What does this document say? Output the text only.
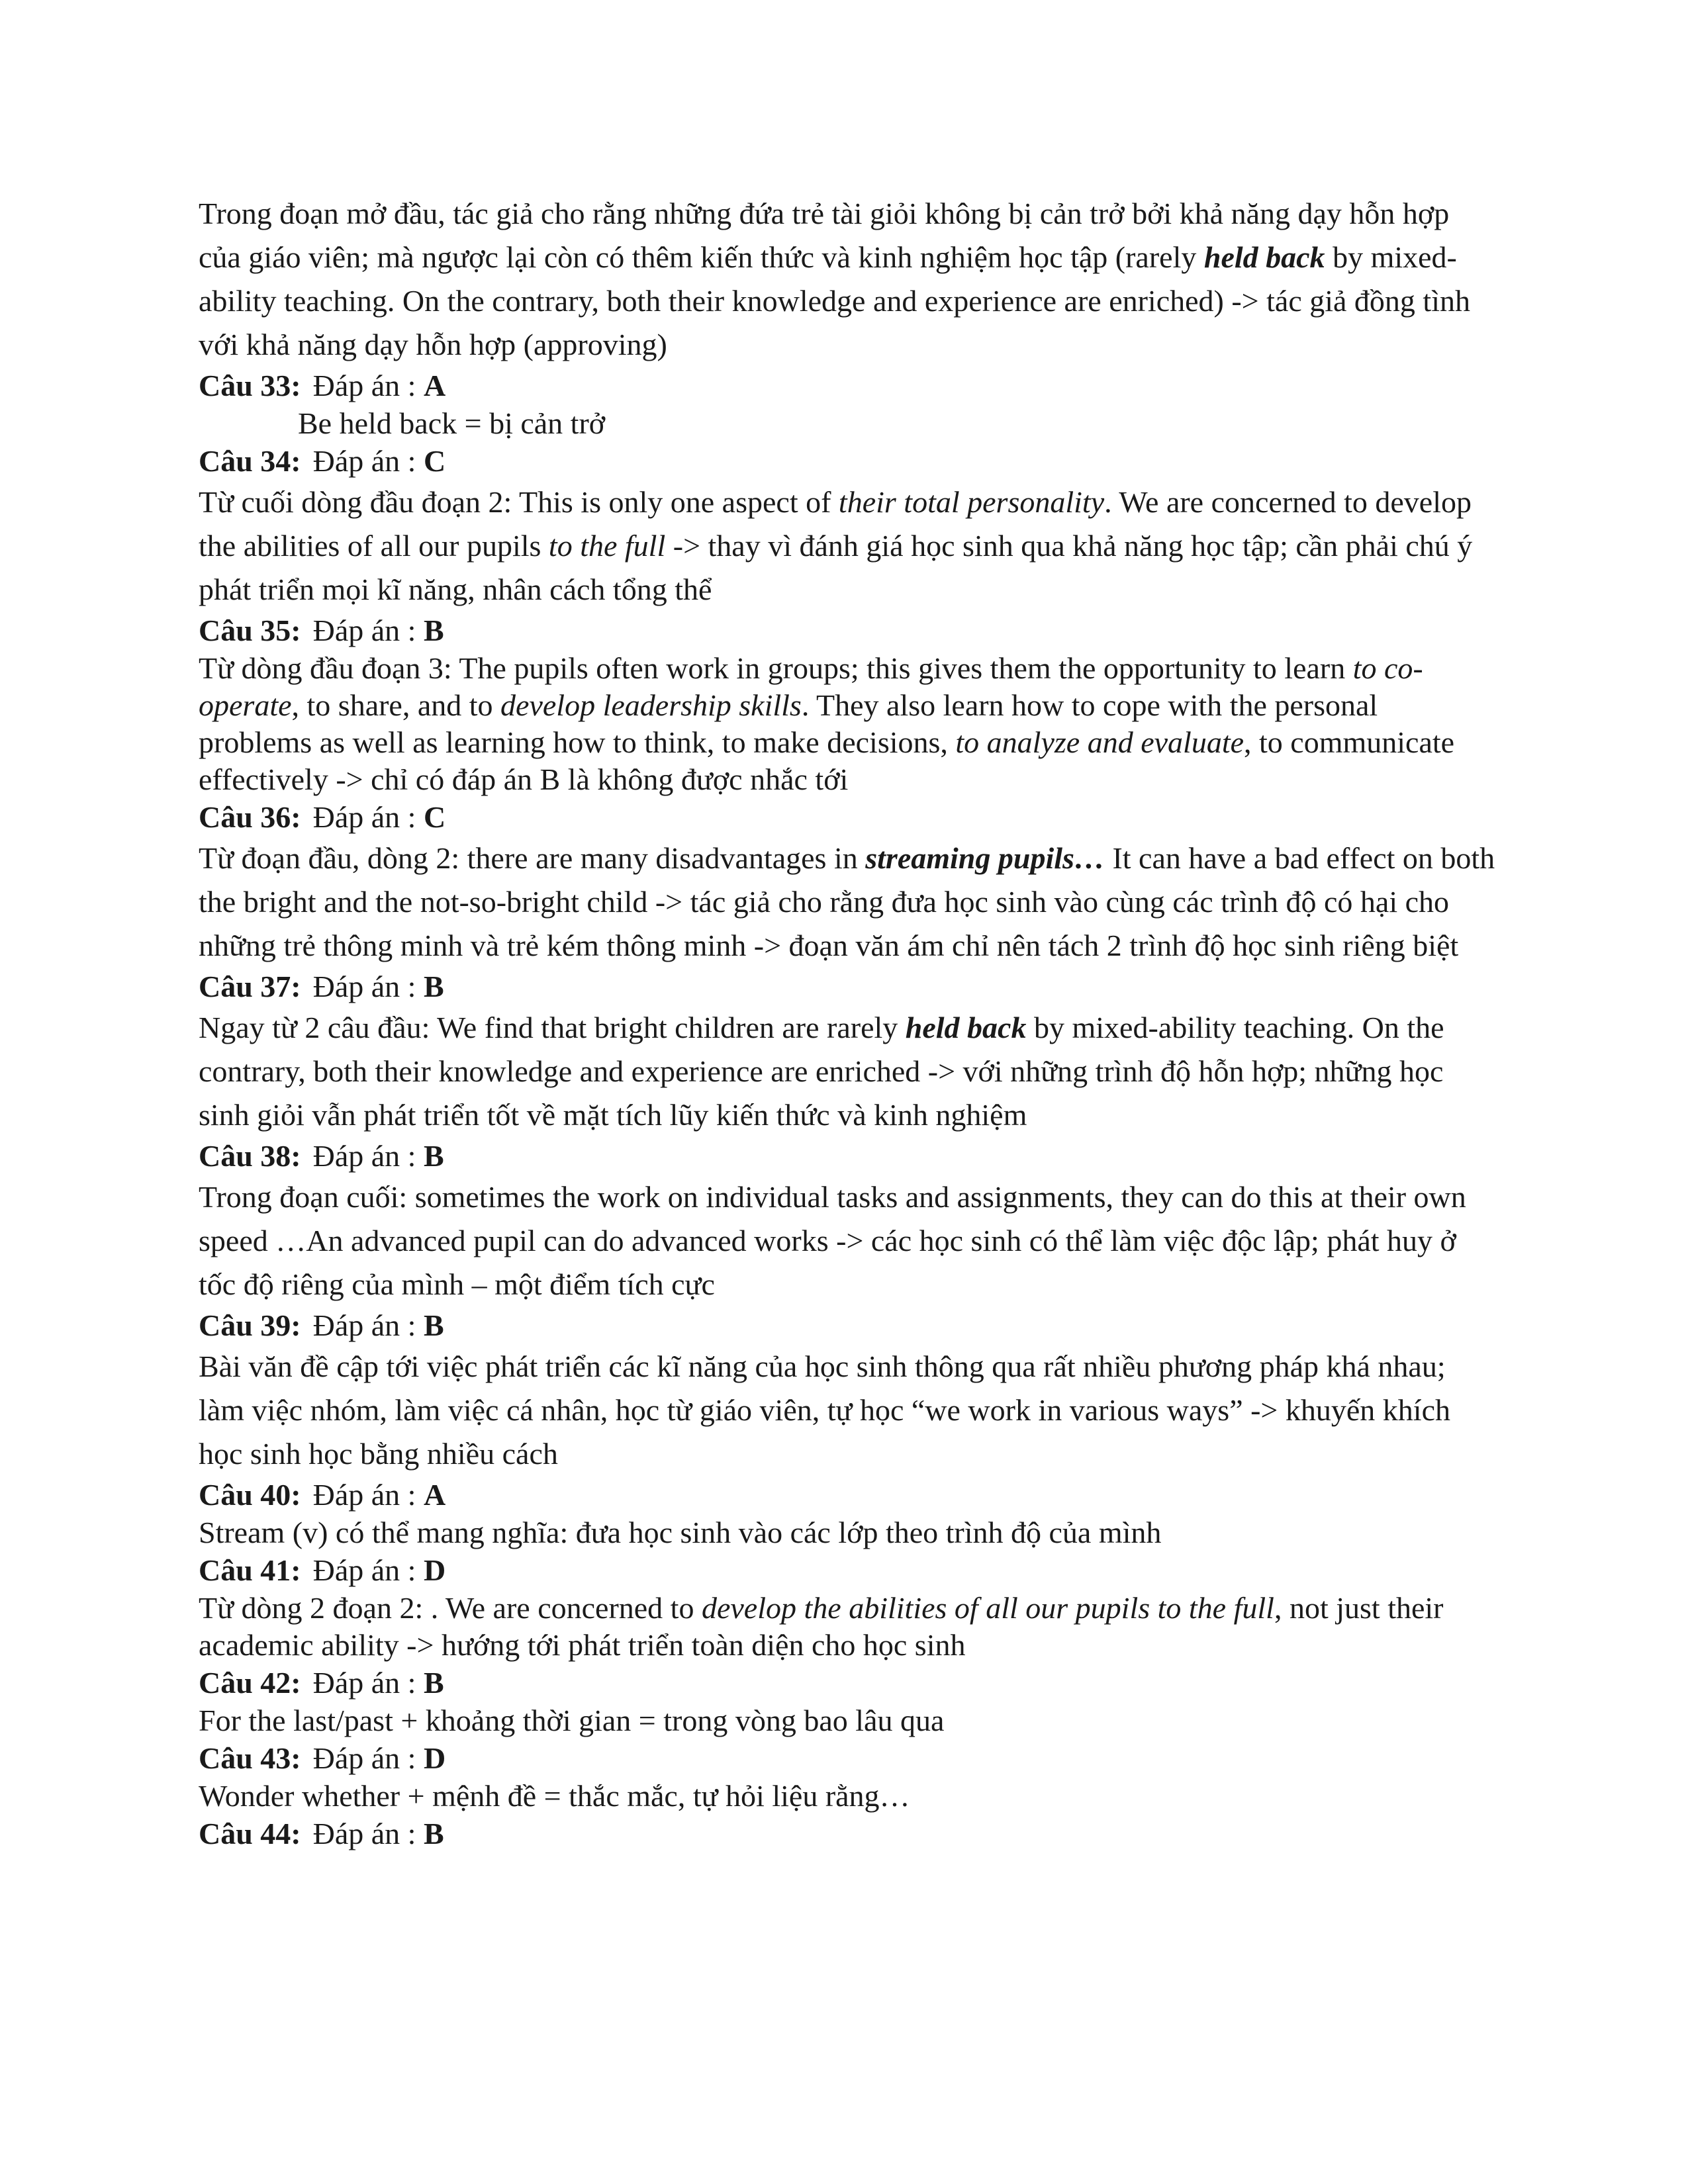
Trong đoạn mở đầu, tác giả cho rằng những đứa trẻ tài giỏi không bị cản trở bởi khả năng dạy hỗn hợp của giáo viên; mà ngược lại còn có thêm kiến thức và kinh nghiệm học tập (rarely held back by mixed-ability teaching. On the contrary, both their knowledge and experience are enriched) -> tác giả đồng tình với khả năng dạy hỗn hợp (approving)

Câu 33: Đáp án : A

Be held back = bị cản trở

Câu 34: Đáp án : C

Từ cuối dòng đầu đoạn 2: This is only one aspect of their total personality. We are concerned to develop the abilities of all our pupils to the full -> thay vì đánh giá học sinh qua khả năng học tập; cần phải chú ý phát triển mọi kĩ năng, nhân cách tổng thể

Câu 35: Đáp án : B

Từ dòng đầu đoạn 3: The pupils often work in groups; this gives them the opportunity to learn to co-operate, to share, and to develop leadership skills. They also learn how to cope with the personal problems as well as learning how to think, to make decisions, to analyze and evaluate, to communicate effectively -> chỉ có đáp án B là không được nhắc tới

Câu 36: Đáp án : C

Từ đoạn đầu, dòng 2: there are many disadvantages in streaming pupils… It can have a bad effect on both the bright and the not-so-bright child -> tác giả cho rằng đưa học sinh vào cùng các trình độ có hại cho những trẻ thông minh và trẻ kém thông minh -> đoạn văn ám chỉ nên tách 2 trình độ học sinh riêng biệt

Câu 37: Đáp án : B

Ngay từ 2 câu đầu: We find that bright children are rarely held back by mixed-ability teaching. On the contrary, both their knowledge and experience are enriched -> với những trình độ hỗn hợp; những học sinh giỏi vẫn phát triển tốt về mặt tích lũy kiến thức và kinh nghiệm

Câu 38: Đáp án : B

Trong đoạn cuối: sometimes the work on individual tasks and assignments, they can do this at their own speed …An advanced pupil can do advanced works -> các học sinh có thể làm việc độc lập; phát huy ở tốc độ riêng của mình – một điểm tích cực

Câu 39: Đáp án : B

Bài văn đề cập tới việc phát triển các kĩ năng của học sinh thông qua rất nhiều phương pháp khá nhau; làm việc nhóm, làm việc cá nhân, học từ giáo viên, tự học “we work in various ways” -> khuyến khích học sinh học bằng nhiều cách

Câu 40: Đáp án : A

Stream (v) có thể mang nghĩa: đưa học sinh vào các lớp theo trình độ của mình

Câu 41: Đáp án : D

Từ dòng 2 đoạn 2: . We are concerned to develop the abilities of all our pupils to the full, not just their academic ability -> hướng tới phát triển toàn diện cho học sinh

Câu 42: Đáp án : B

For the last/past + khoảng thời gian = trong vòng bao lâu qua

Câu 43: Đáp án : D

Wonder whether + mệnh đề = thắc mắc, tự hỏi liệu rằng…

Câu 44: Đáp án : B
